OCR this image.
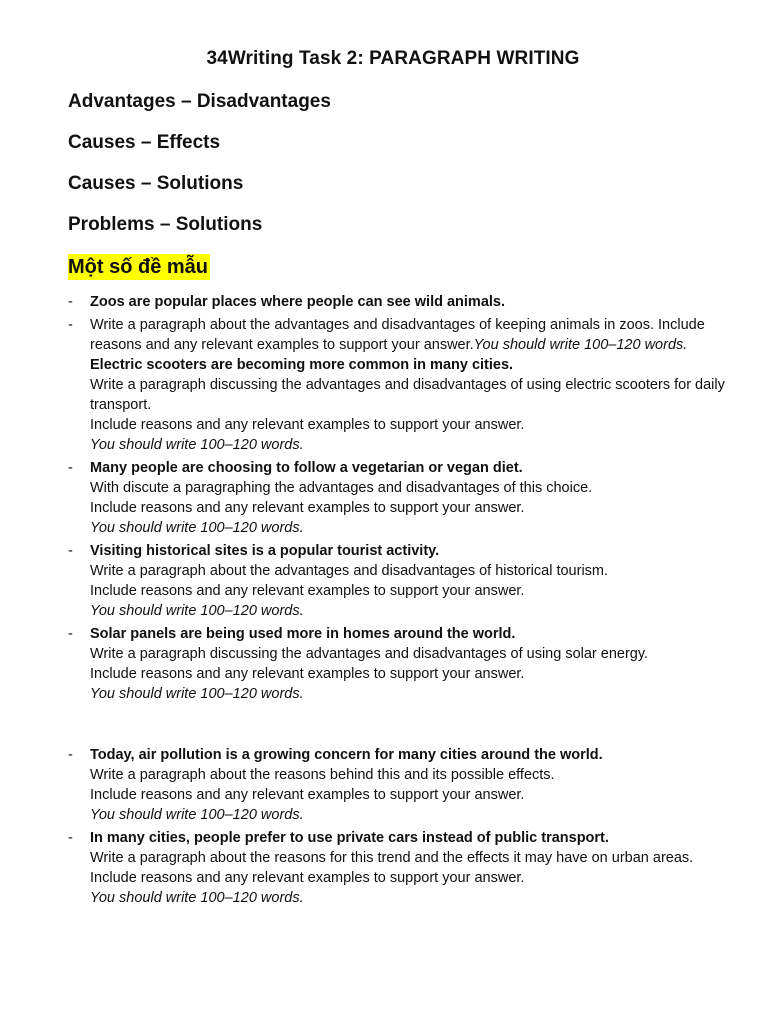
34Writing Task 2: PARAGRAPH WRITING
Advantages – Disadvantages
Causes – Effects
Causes – Solutions
Problems – Solutions
Một số đề mẫu
- Zoos are popular places where people can see wild animals.
- Write a paragraph about the advantages and disadvantages of keeping animals in zoos. Include reasons and any relevant examples to support your answer.You should write 100–120 words.
Electric scooters are becoming more common in many cities.
Write a paragraph discussing the advantages and disadvantages of using electric scooters for daily transport.
Include reasons and any relevant examples to support your answer.
You should write 100–120 words.
- Many people are choosing to follow a vegetarian or vegan diet.
With discute a paragraphing the advantages and disadvantages of this choice.
Include reasons and any relevant examples to support your answer.
You should write 100–120 words.
- Visiting historical sites is a popular tourist activity.
Write a paragraph about the advantages and disadvantages of historical tourism.
Include reasons and any relevant examples to support your answer.
You should write 100–120 words.
- Solar panels are being used more in homes around the world.
Write a paragraph discussing the advantages and disadvantages of using solar energy.
Include reasons and any relevant examples to support your answer.
You should write 100–120 words.
- Today, air pollution is a growing concern for many cities around the world.
Write a paragraph about the reasons behind this and its possible effects.
Include reasons and any relevant examples to support your answer.
You should write 100–120 words.
- In many cities, people prefer to use private cars instead of public transport.
Write a paragraph about the reasons for this trend and the effects it may have on urban areas.
Include reasons and any relevant examples to support your answer.
You should write 100–120 words.
